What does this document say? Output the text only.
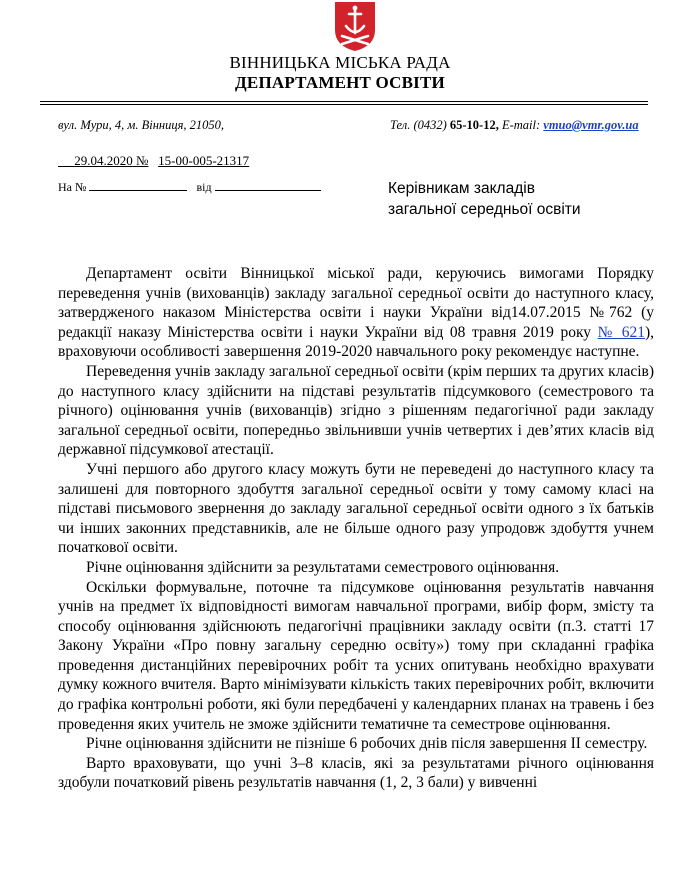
ВІННИЦЬКА МІСЬКА РАДА
ДЕПАРТАМЕНТ ОСВІТИ
вул. Мури, 4, м. Вінниця, 21050,	Тел. (0432) 65-10-12, E-mail: vmuo@vmr.gov.ua
29.04.2020 № 15-00-005-21317
На №	від	Керівникам закладів
загальної середньої освіти

Департамент освіти Вінницької міської ради, керуючись вимогами Порядку переведення учнів (вихованців) закладу загальної середньої освіти до наступного класу, затвердженого наказом Міністерства освіти і науки України від14.07.2015 №762 (у редакції наказу Міністерства освіти і науки України від 08 травня 2019 року № 621), враховуючи особливості завершення 2019-2020 навчального року рекомендує наступне.

Переведення учнів закладу загальної середньої освіти (крім перших та других класів) до наступного класу здійснити на підставі результатів підсумкового (семестрового та річного) оцінювання учнів (вихованців) згідно з рішенням педагогічної ради закладу загальної середньої освіти, попередньо звільнивши учнів четвертих і дев’ятих класів від державної підсумкової атестації.

Учні першого або другого класу можуть бути не переведені до наступного класу та залишені для повторного здобуття загальної середньої освіти у тому самому класі на підставі письмового звернення до закладу загальної середньої освіти одного з їх батьків чи інших законних представників, але не більше одного разу упродовж здобуття учнем початкової освіти.

Річне оцінювання здійснити за результатами семестрового оцінювання.

Оскільки формувальне, поточне та підсумкове оцінювання результатів навчання учнів на предмет їх відповідності вимогам навчальної програми, вибір форм, змісту та способу оцінювання здійснюють педагогічні працівники закладу освіти (п.3. статті 17 Закону України «Про повну загальну середню освіту») тому при складанні графіка проведення дистанційних перевірочних робіт та усних опитувань необхідно врахувати думку кожного вчителя. Варто мінімізувати кількість таких перевірочних робіт, включити до графіка контрольні роботи, які були передбачені у календарних планах на травень і без проведення яких учитель не зможе здійснити тематичне та семестрове оцінювання.

Річне оцінювання здійснити не пізніше 6 робочих днів після завершення II семестру.

Варто враховувати, що учні 3–8 класів, які за результатами річного оцінювання здобули початковий рівень результатів навчання (1, 2, 3 бали) у вивченні
